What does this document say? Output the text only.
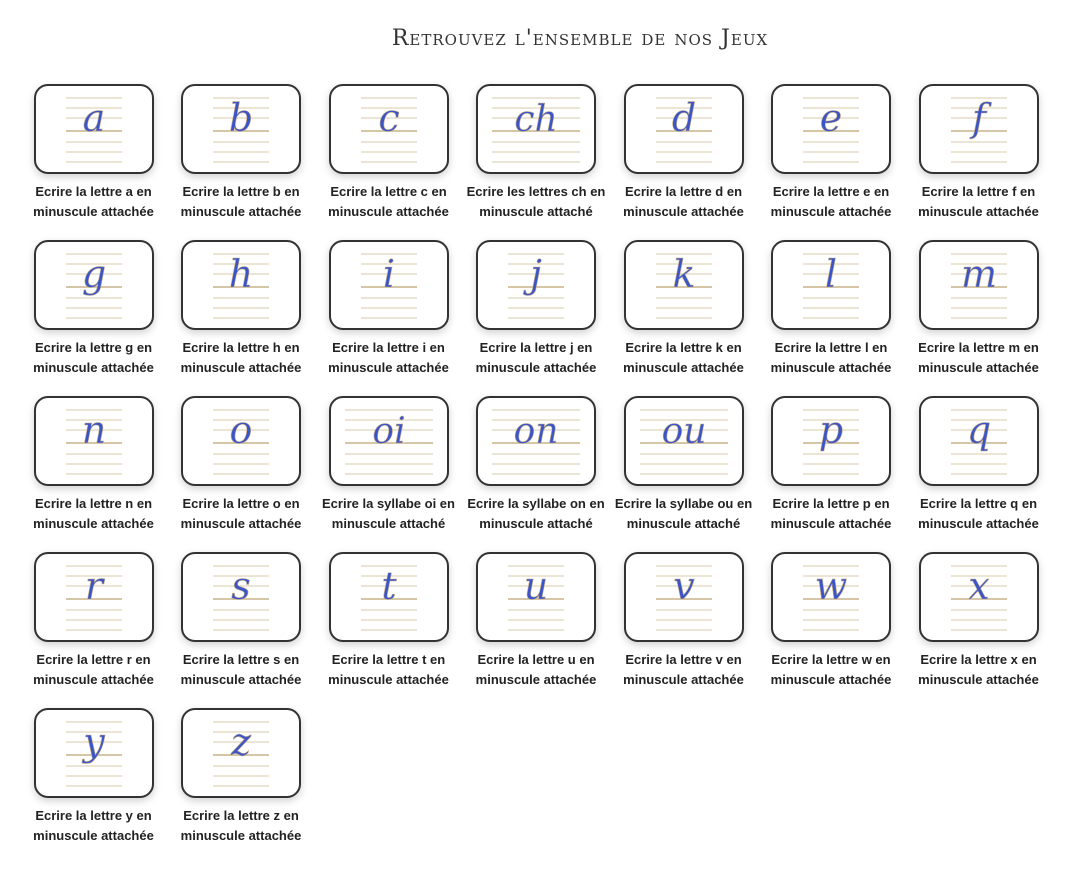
Retrouvez l'ensemble de nos Jeux
a
Ecrire la lettre a en minuscule attachée
b
Ecrire la lettre b en minuscule attachée
c
Ecrire la lettre c en minuscule attachée
ch
Ecrire les lettres ch en minuscule attaché
d
Ecrire la lettre d en minuscule attachée
e
Ecrire la lettre e en minuscule attachée
f
Ecrire la lettre f en minuscule attachée
g
Ecrire la lettre g en minuscule attachée
h
Ecrire la lettre h en minuscule attachée
i
Ecrire la lettre i en minuscule attachée
j
Ecrire la lettre j en minuscule attachée
k
Ecrire la lettre k en minuscule attachée
l
Ecrire la lettre l en minuscule attachée
m
Ecrire la lettre m en minuscule attachée
n
Ecrire la lettre n en minuscule attachée
o
Ecrire la lettre o en minuscule attachée
oi
Ecrire la syllabe oi en minuscule attaché
on
Ecrire la syllabe on en minuscule attaché
ou
Ecrire la syllabe ou en minuscule attaché
p
Ecrire la lettre p en minuscule attachée
q
Ecrire la lettre q en minuscule attachée
r
Ecrire la lettre r en minuscule attachée
s
Ecrire la lettre s en minuscule attachée
t
Ecrire la lettre t en minuscule attachée
u
Ecrire la lettre u en minuscule attachée
v
Ecrire la lettre v en minuscule attachée
w
Ecrire la lettre w en minuscule attachée
x
Ecrire la lettre x en minuscule attachée
y
Ecrire la lettre y en minuscule attachée
z
Ecrire la lettre z en minuscule attachée
